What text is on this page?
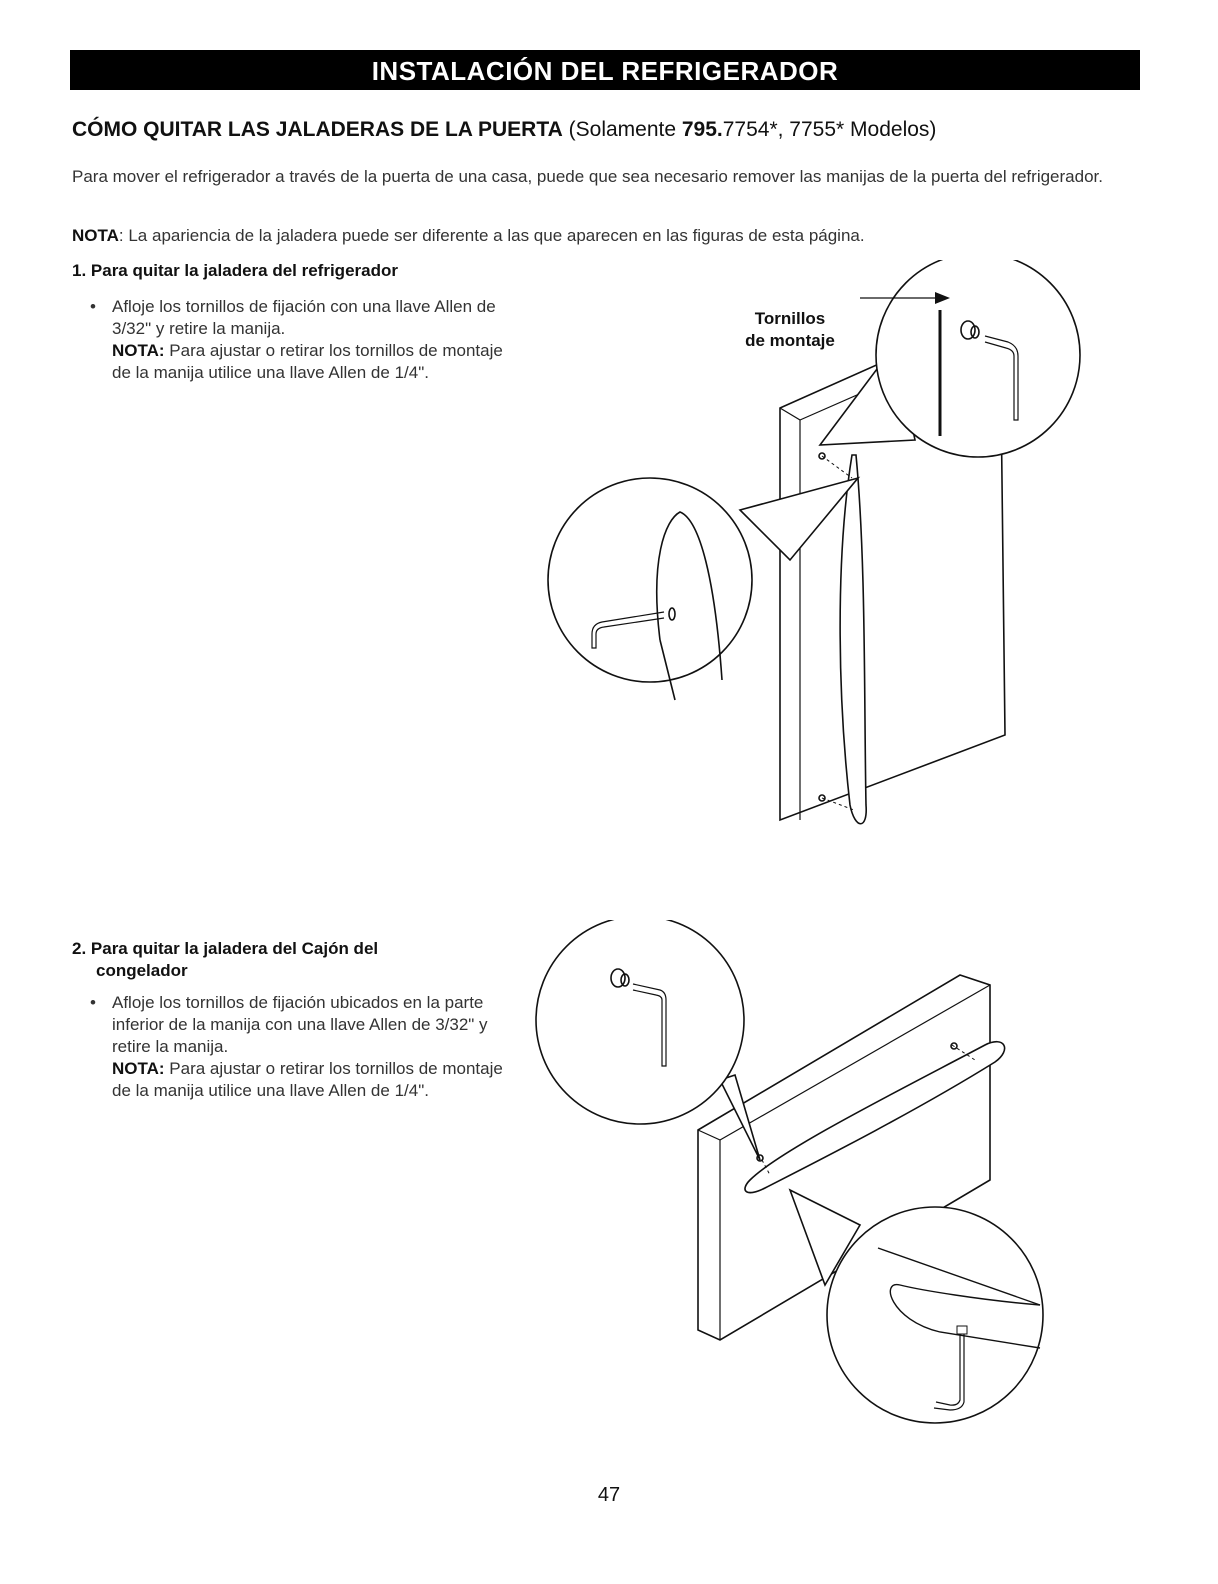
INSTALACIÓN DEL REFRIGERADOR
CÓMO QUITAR LAS JALADERAS DE LA PUERTA (Solamente 795.7754*, 7755* Modelos)
Para mover el refrigerador a través de la puerta de una casa, puede que sea necesario remover las manijas de la puerta del refrigerador.
NOTA: La apariencia de la jaladera puede ser diferente a las que aparecen en las figuras de esta página.
1. Para quitar la jaladera del refrigerador
• Afloje los tornillos de fijación con una llave Allen de 3/32" y retire la manija.
NOTA: Para ajustar o retirar los tornillos de montaje de la manija utilice una llave Allen de 1/4".
2. Para quitar la jaladera del Cajón del
congelador
• Afloje los tornillos de fijación ubicados en la parte inferior de la manija con una llave Allen de 3/32" y retire la manija.
NOTA: Para ajustar o retirar los tornillos de montaje de la manija utilice una llave Allen de 1/4".
Tornillos
de montaje
47
